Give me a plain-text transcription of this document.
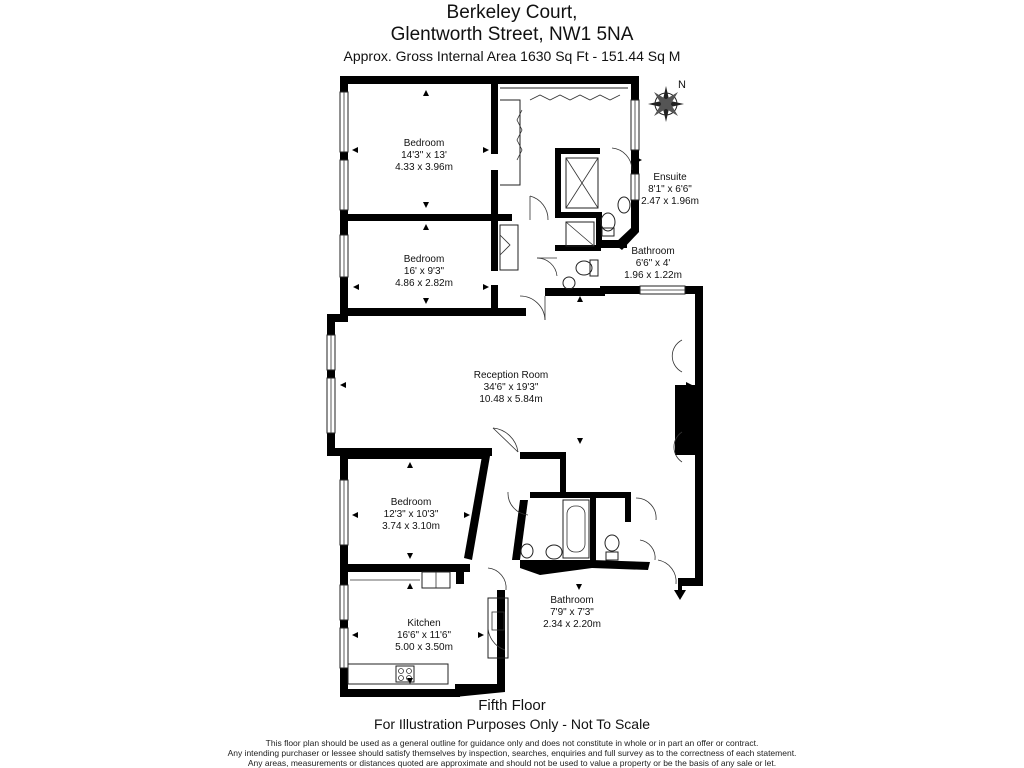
Berkeley Court,
Glentworth Street, NW1 5NA
Approx. Gross Internal Area 1630 Sq Ft - 151.44 Sq M
N
Bedroom
14'3" x 13'
4.33 x 3.96m
Ensuite
8'1" x 6'6"
2.47 x 1.96m
Bedroom
16' x 9'3"
4.86 x 2.82m
Bathroom
6'6" x 4'
1.96 x 1.22m
Reception Room
34'6" x 19'3"
10.48 x 5.84m
Bedroom
12'3" x 10'3"
3.74 x 3.10m
Bathroom
7'9" x 7'3"
2.34 x 2.20m
Kitchen
16'6" x 11'6"
5.00 x 3.50m
Fifth Floor
For Illustration Purposes Only - Not To Scale
This floor plan should be used as a general outline for guidance only and does not constitute in whole or in part an offer or contract.
Any intending purchaser or lessee should satisfy themselves by inspection, searches, enquiries and full survey as to the correctness of each statement.
Any areas, measurements or distances quoted are approximate and should not be used to value a property or be the basis of any sale or let.
